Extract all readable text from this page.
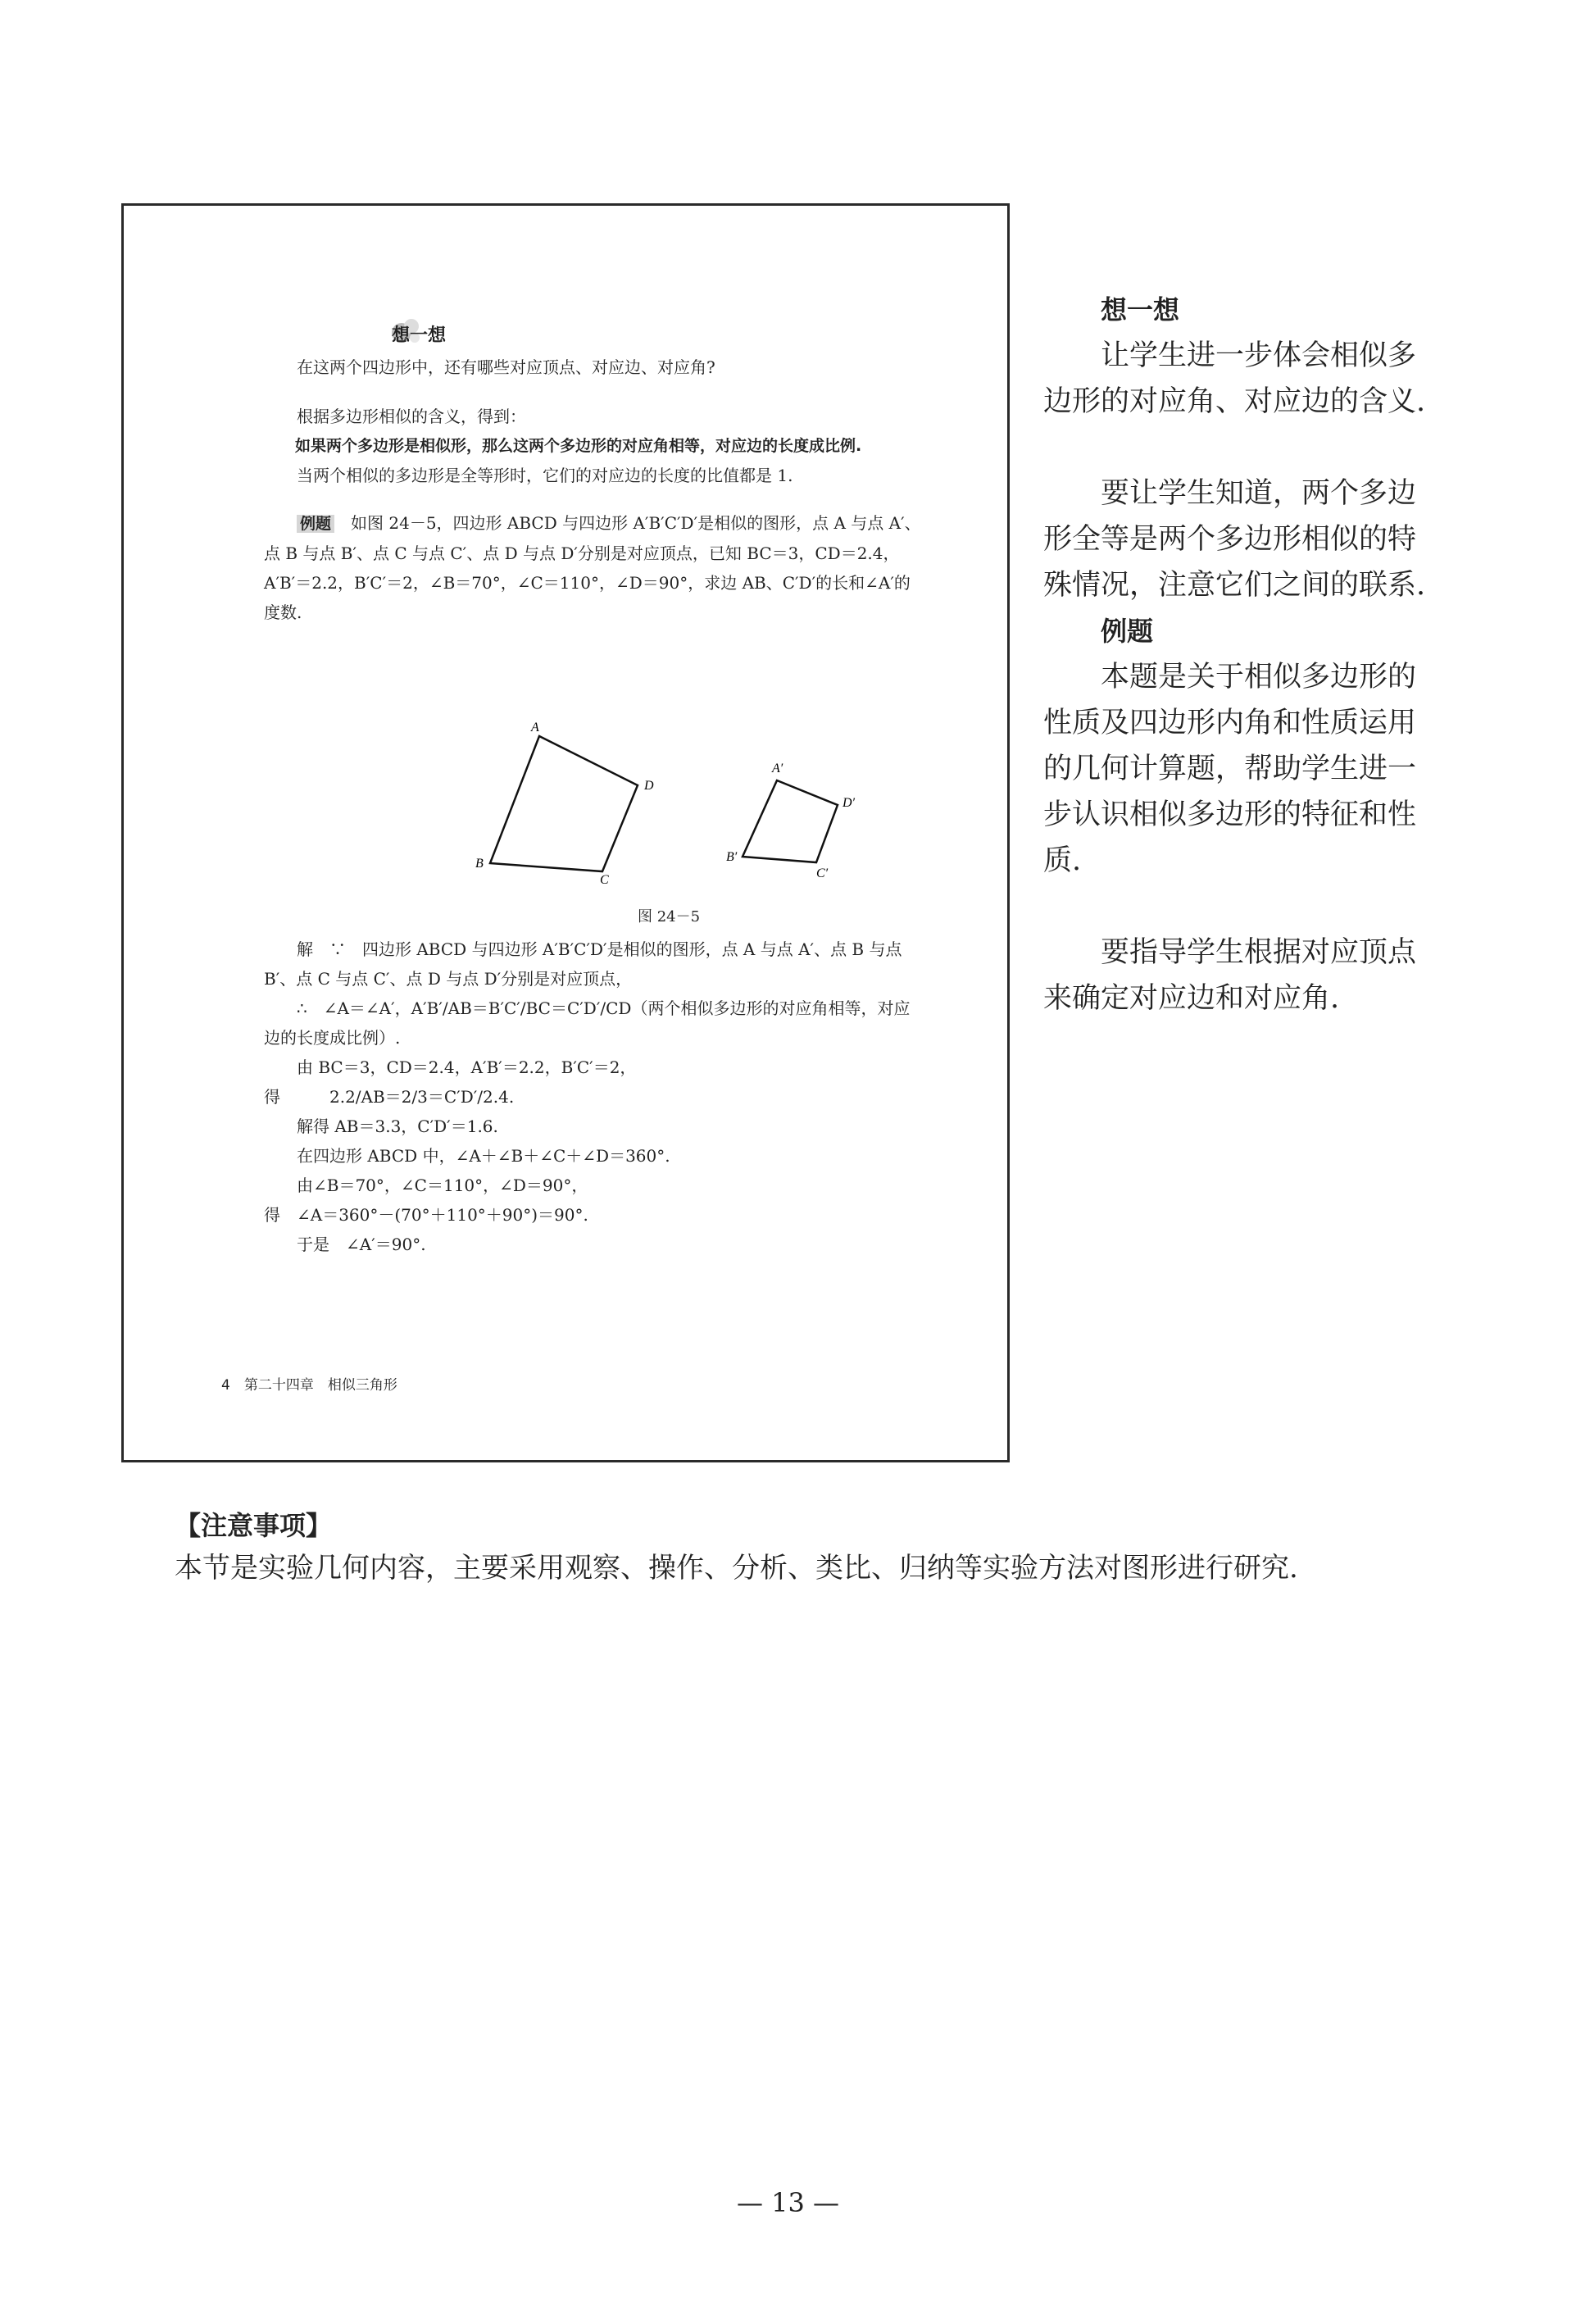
想一想

在这两个四边形中，还有哪些对应顶点、对应边、对应角?

根据多边形相似的含义，得到：

如果两个多边形是相似形，那么这两个多边形的对应角相等，对应边的长度成比例.

当两个相似的多边形是全等形时，它们的对应边的长度的比值都是 1.

例题　 如图 24－5，四边形 ABCD 与四边形 A′B′C′D′是相似的图形，点 A 与点 A′、点 B 与点 B′、点 C 与点 C′、点 D 与点 D′分别是对应顶点，已知 BC＝3，CD＝2.4，A′B′＝2.2，B′C′＝2，∠B＝70°，∠C＝110°，∠D＝90°，求边 AB、C′D′的长和∠A′的度数.

A
D
C
B
A′
D′
C′
B′
图 24－5

解　∵　四边形 ABCD 与四边形 A′B′C′D′是相似的图形，点 A 与点 A′、点 B 与点 B′、点 C 与点 C′、点 D 与点 D′分别是对应顶点，

∴　∠A＝∠A′，A′B′/AB＝B′C′/BC＝C′D′/CD（两个相似多边形的对应角相等，对应边的长度成比例）.

由 BC＝3，CD＝2.4，A′B′＝2.2，B′C′＝2，

得　　　2.2/AB＝2/3＝C′D′/2.4.

解得 AB＝3.3，C′D′＝1.6.

在四边形 ABCD 中，∠A＋∠B＋∠C＋∠D＝360°.

由∠B＝70°，∠C＝110°，∠D＝90°，

得　∠A＝360°－(70°＋110°＋90°)＝90°.

于是　∠A′＝90°.

4　第二十四章　相似三角形

想一想

让学生进一步体会相似多边形的对应角、对应边的含义.

要让学生知道，两个多边形全等是两个多边形相似的特殊情况，注意它们之间的联系.

例题

本题是关于相似多边形的性质及四边形内角和性质运用的几何计算题，帮助学生进一步认识相似多边形的特征和性质.

要指导学生根据对应顶点来确定对应边和对应角.

【注意事项】
本节是实验几何内容，主要采用观察、操作、分析、类比、归纳等实验方法对图形进行研究.
— 13 —
